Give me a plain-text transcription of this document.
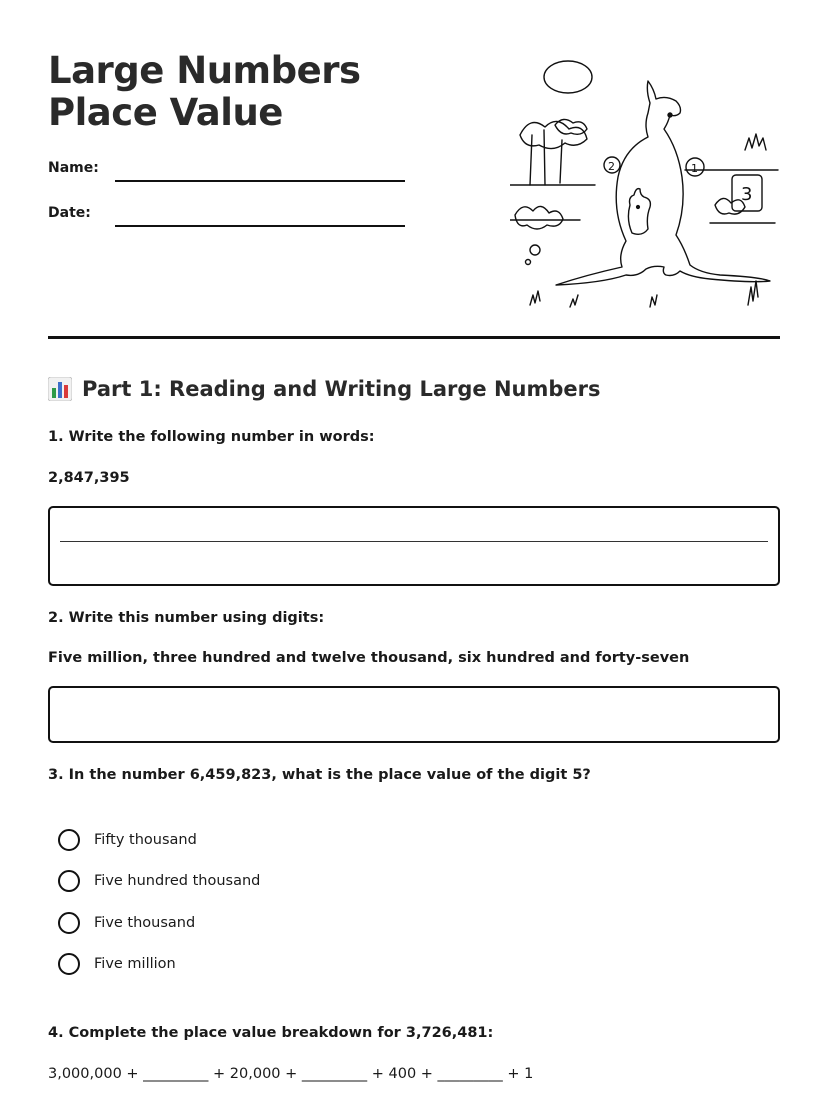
Large Numbers Place Value
Name:
Date:
2	1
3
Part 1: Reading and Writing Large Numbers
1. Write the following number in words:
2,847,395
2. Write this number using digits:
Five million, three hundred and twelve thousand, six hundred and forty-seven
3. In the number 6,459,823, what is the place value of the digit 5?
Fifty thousand
Five hundred thousand
Five thousand
Five million
4. Complete the place value breakdown for 3,726,481:
3,000,000 + _________ + 20,000 + _________ + 400 + _________ + 1
